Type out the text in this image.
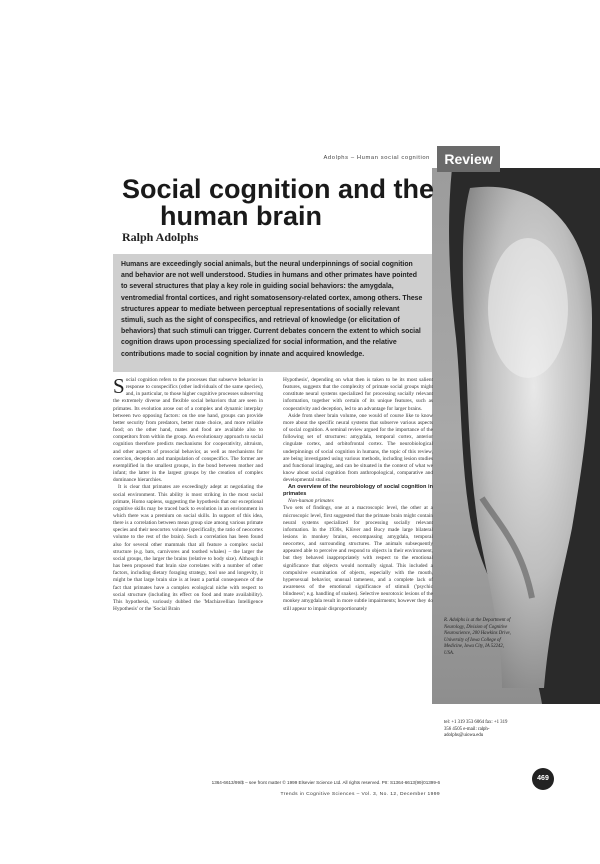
Review
Adolphs – Human social cognition
Social cognition and the
human brain
Ralph Adolphs
Humans are exceedingly social animals, but the neural underpinnings of social cognition and behavior are not well understood. Studies in humans and other primates have pointed to several structures that play a key role in guiding social behaviors: the amygdala, ventromedial frontal cortices, and right somatosensory-related cortex, among others. These structures appear to mediate between perceptual representations of socially relevant stimuli, such as the sight of conspecifics, and retrieval of knowledge (or elicitation of behaviors) that such stimuli can trigger. Current debates concern the extent to which social cognition draws upon processing specialized for social information, and the relative contributions made to social cognition by innate and acquired knowledge.

Social cognition refers to the processes that subserve behavior in response to conspecifics (other individuals of the same species), and, in particular, to those higher cognitive processes subserving the extremely diverse and flexible social behaviors that are seen in primates. Its evolution arose out of a complex and dynamic interplay between two opposing factors: on the one hand, groups can provide better security from predators, better mate choice, and more reliable food; on the other hand, mates and food are available also to competitors from within the group. An evolutionary approach to social cognition therefore predicts mechanisms for cooperativity, altruism, and other aspects of prosocial behavior, as well as mechanisms for coercion, deception and manipulation of conspecifics. The former are exemplified in the smallest groups, in the bond between mother and infant; the latter in the largest groups by the creation of complex dominance hierarchies.

It is clear that primates are exceedingly adept at negotiating the social environment. This ability is most striking in the most social primate, Homo sapiens, suggesting the hypothesis that our exceptional cognitive skills may be traced back to evolution in an environment in which there was a premium on social skills. In support of this idea, there is a correlation between mean group size among various primate species and their neocortex volume (specifically, the ratio of neocortex volume to the rest of the brain). Such a correlation has been found also for several other mammals that all feature a complex social structure (e.g. bats, carnivores and toothed whales) – the larger the social groups, the larger the brains (relative to body size). Although it has been proposed that brain size correlates with a number of other factors, including dietary foraging strategy, tool use and longevity, it might be that large brain size is at least a partial consequence of the fact that primates have a complex ecological niche with respect to social structure (including its effect on food and mate availability). This hypothesis, variously dubbed the 'Machiavellian Intelligence Hypothesis' or the 'Social Brain

Hypothesis', depending on what then is taken to be its most salient features, suggests that the complexity of primate social groups might constitute neural systems specialized for processing socially relevant information, together with certain of its unique features, such as cooperativity and deception, led to an advantage for larger brains.

Aside from sheer brain volume, one would of course like to know more about the specific neural systems that subserve various aspects of social cognition. A seminal review argued for the importance of the following set of structures: amygdala, temporal cortex, anterior cingulate cortex, and orbitofrontal cortex. The neurobiological underpinnings of social cognition in humans, the topic of this review, are being investigated using various methods, including lesion studies and functional imaging, and can be situated in the context of what we know about social cognition from anthropological, comparative and developmental studies.

An overview of the neurobiology of social cognition in primates

Non-human primates

Two sets of findings, one at a macroscopic level, the other at a microscopic level, first suggested that the primate brain might contain neural systems specialized for processing socially relevant information. In the 1930s, Klüver and Bucy made large bilateral lesions in monkey brains, encompassing amygdala, temporal neocortex, and surrounding structures. The animals subsequently appeared able to perceive and respond to objects in their environment, but they behaved inappropriately with respect to the emotional significance that objects would normally signal. This included a compulsive examination of objects, especially with the mouth, hypersexual behavior, unusual tameness, and a complete lack of awareness of the emotional significance of stimuli ('psychic blindness'; e.g. handling of snakes). Selective neurotoxic lesions of the monkey amygdala result in more subtle impairments; however they do still appear to impair disproportionately

R. Adolphs is at the Department of Neurology, Division of Cognitive Neuroscience, 200 Hawkins Drive, University of Iowa College of Medicine, Iowa City, IA 52242, USA.
tel: +1 319 353 6064 fax: +1 319 356 4505 e-mail: ralph-adolphs@uiowa.edu
469
1364-6613/99/$ – see front matter © 1999 Elsevier Science Ltd. All rights reserved. PII: S1364-6613(99)01399-6
Trends in Cognitive Sciences – Vol. 3, No. 12, December 1999
